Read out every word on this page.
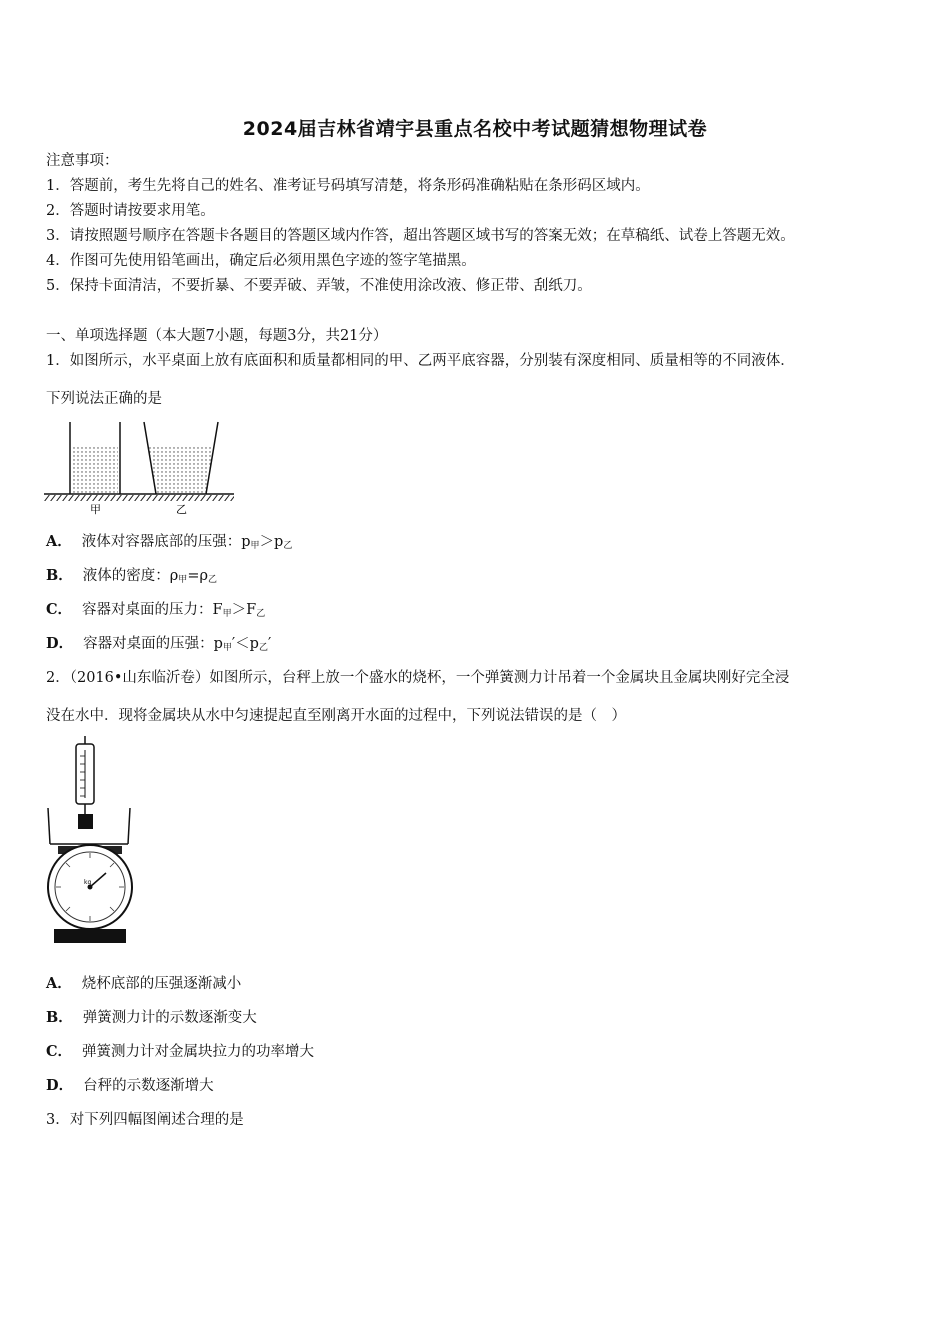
2024届吉林省靖宇县重点名校中考试题猜想物理试卷
注意事项：
1．答题前，考生先将自己的姓名、准考证号码填写清楚，将条形码准确粘贴在条形码区域内。
2．答题时请按要求用笔。
3．请按照题号顺序在答题卡各题目的答题区域内作答，超出答题区域书写的答案无效；在草稿纸、试卷上答题无效。
4．作图可先使用铅笔画出，确定后必须用黑色字迹的签字笔描黑。
5．保持卡面清洁，不要折暴、不要弄破、弄皱，不准使用涂改液、修正带、刮纸刀。
一、单项选择题（本大题7小题，每题3分，共21分）
1．如图所示，水平桌面上放有底面积和质量都相同的甲、乙两平底容器，分别装有深度相同、质量相等的不同液体．
下列说法正确的是
甲	乙
A． 液体对容器底部的压强：$p_甲>p_乙$
B． 液体的密度：$\rho_甲=\rho_乙$
C． 容器对桌面的压力：$F_甲>F_乙$
D． 容器对桌面的压强：$p_甲'<p_乙'$
2．（2016•山东临沂卷）如图所示，台秤上放一个盛水的烧杯，一个弹簧测力计吊着一个金属块且金属块刚好完全浸
没在水中．现将金属块从水中匀速提起直至刚离开水面的过程中，下列说法错误的是（　）
kg
A． 烧杯底部的压强逐渐减小
B． 弹簧测力计的示数逐渐变大
C． 弹簧测力计对金属块拉力的功率增大
D． 台秤的示数逐渐增大
3．对下列四幅图阐述合理的是
